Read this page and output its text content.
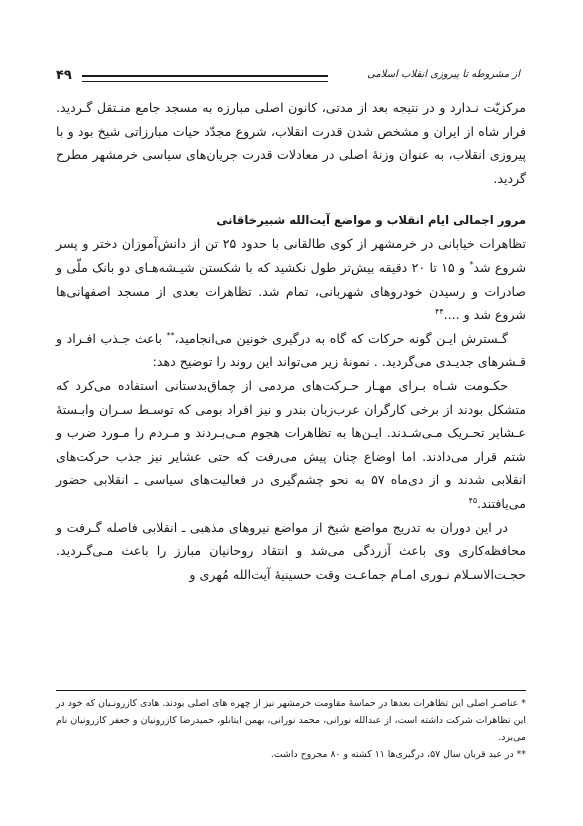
۴۹	از مشروطه تا پیروزی انقلاب اسلامی

مرکزیّت نـدارد و در نتیجه بعد از مدتی، کانون اصلی مبارزه به مسجد جامع منـتقل گـردید. فرار شاه از ایران و مشخص شدن قدرت انقلاب، شروع مجدّد حیات مبارزاتی شیخ بود و با پیروزی انقلاب، به عنوان وزنهٔ اصلی در معادلات قدرت جریان‌های سیاسی خرمشهر مطرح گردید.

مرور اجمالی ایام انقلاب و مواضع آیت‌الله شبیرخاقانی

تظاهرات خیابانی در خرمشهر از کوی طالقانی با حدود ۲۵ تن از دانش‌آموزان دختر و پسر شروع شد* و ۱۵ تا ۲۰ دقیقه بیش‌تر طول نکشید که با شکستن شیـشه‌هـای دو بانک ملّی و صادرات و رسیدن خودروهای شهربانی، تمام شد. تظاهرات بعدی از مسجد اصفهانی‌ها شروع شد و ....$^{۴۴}$

گـسترش ایـن گونه حرکات که گاه به درگیری خونین می‌انجامید،** باعث جـذب افـراد و قـشرهای جدیـدی می‌گردید. . نمونهٔ زیر می‌تواند این روند را توضیح دهد:

حکـومت شـاه بـرای مهـار حـرکت‌های مردمی از چماق‌بدستانی استفاده می‌کرد که متشکل بودند از برخی کارگران عرب‌زبان بندر و نیز افراد بومی که توسـط سـران وابـستهٔ عـشایر تحـریک مـی‌شـدند. ایـن‌ها به تظاهرات هجوم مـی‌بـردند و مـردم را مـورد ضرب و شتم قرار می‌دادند. اما اوضاع چنان پیش می‌رفت که حتی عشایر نیز جذب حرکت‌های انقلابی شدند و از دی‌ماه ۵۷ به نحو چشم‌گیری در فعالیت‌های سیاسی ـ انقلابی حضور می‌یافتند.$^{۴۵}$

در این دوران به تدریج مواضع شیخ از مواضع نیروهای مذهبی ـ انقلابی فاصله گـرفت و محافظه‌کاری وی باعث آزردگی می‌شد و انتقاد روحانیان مبارز را باعث مـی‌گـردید. حجـت‌الاسـلام نـوری امـام جماعـت وقت حسینیهٔ آیت‌الله مُهری و

* عناصـر اصلی این تظاهرات بعدها در حماسهٔ مقاومت خرمشهر نیز از چهره های اصلی بودند. هادی کازرونـیان که خود در این تظاهرات شرکت داشته است، از عبدالله نورانی، محمد نورانی، بهمن ایتانلو، حمیدرضا کازرونیان و جعفر کازرونیان نام می‌برد.

** در عید قربان سال ۵۷، درگیری‌ها ۱۱ کشته و ۸۰ مجروح داشت.
